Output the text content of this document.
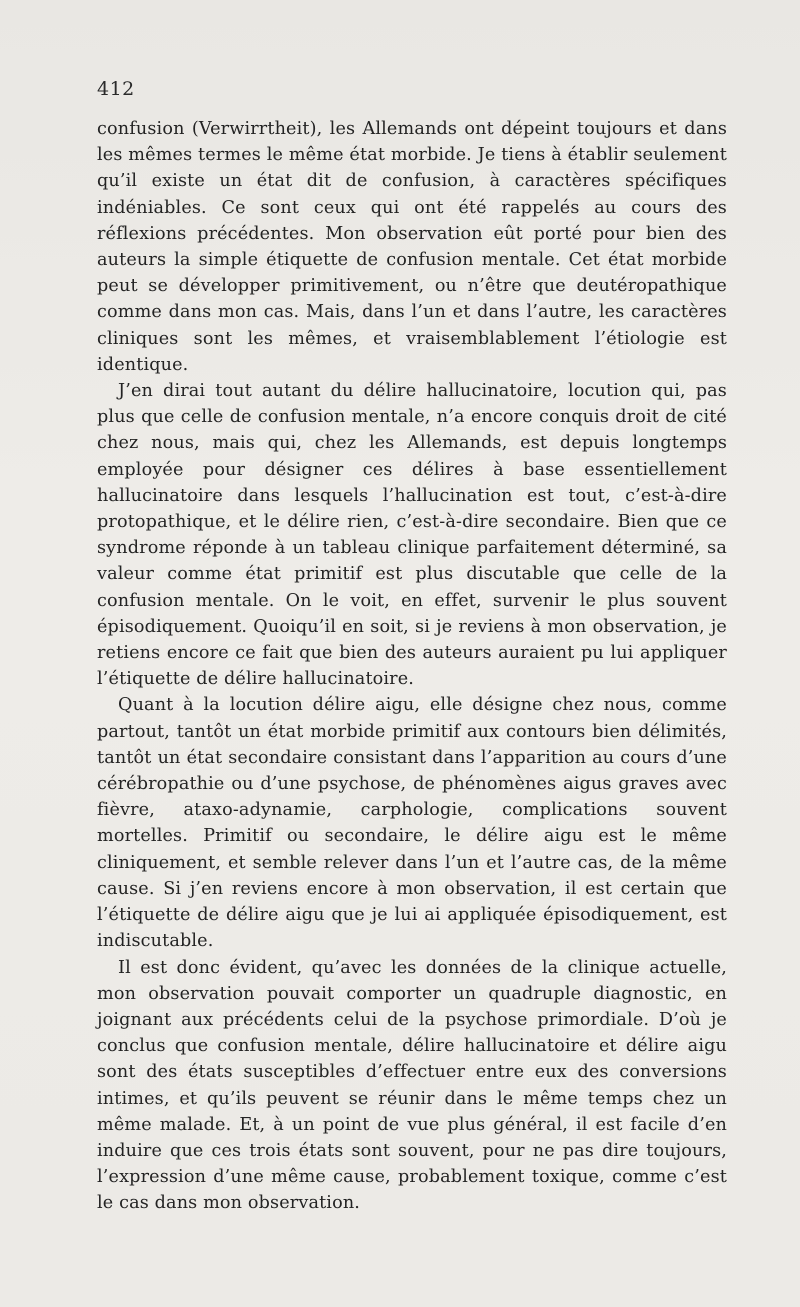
412

confusion (Verwirrtheit), les Allemands ont dépeint toujours et dans les mêmes termes le même état morbide. Je tiens à établir seulement qu’il existe un état dit de confusion, à caractères spécifiques indéniables. Ce sont ceux qui ont été rappelés au cours des réflexions précédentes. Mon observation eût porté pour bien des auteurs la simple étiquette de confusion mentale. Cet état morbide peut se développer primitivement, ou n’être que deutéropathique comme dans mon cas. Mais, dans l’un et dans l’autre, les caractères cliniques sont les mêmes, et vraisemblablement l’étiologie est identique.

J’en dirai tout autant du délire hallucinatoire, locution qui, pas plus que celle de confusion mentale, n’a encore conquis droit de cité chez nous, mais qui, chez les Allemands, est depuis longtemps employée pour désigner ces délires à base essentiellement hallucinatoire dans lesquels l’hallucination est tout, c’est-à-dire protopathique, et le délire rien, c’est-à-dire secondaire. Bien que ce syndrome réponde à un tableau clinique parfaitement déterminé, sa valeur comme état primitif est plus discutable que celle de la confusion mentale. On le voit, en effet, survenir le plus souvent épisodiquement. Quoiqu’il en soit, si je reviens à mon observation, je retiens encore ce fait que bien des auteurs auraient pu lui appliquer l’étiquette de délire hallucinatoire.

Quant à la locution délire aigu, elle désigne chez nous, comme partout, tantôt un état morbide primitif aux contours bien délimités, tantôt un état secondaire consistant dans l’apparition au cours d’une cérébropathie ou d’une psychose, de phénomènes aigus graves avec fièvre, ataxo-adynamie, carphologie, complications souvent mortelles. Primitif ou secondaire, le délire aigu est le même cliniquement, et semble relever dans l’un et l’autre cas, de la même cause. Si j’en reviens encore à mon observation, il est certain que l’étiquette de délire aigu que je lui ai appliquée épisodiquement, est indiscutable.

Il est donc évident, qu’avec les données de la clinique actuelle, mon observation pouvait comporter un quadruple diagnostic, en joignant aux précédents celui de la psychose primordiale. D’où je conclus que confusion mentale, délire hallucinatoire et délire aigu sont des états susceptibles d’effectuer entre eux des conversions intimes, et qu’ils peuvent se réunir dans le même temps chez un même malade. Et, à un point de vue plus général, il est facile d’en induire que ces trois états sont souvent, pour ne pas dire toujours, l’expression d’une même cause, probablement toxique, comme c’est le cas dans mon observation.
